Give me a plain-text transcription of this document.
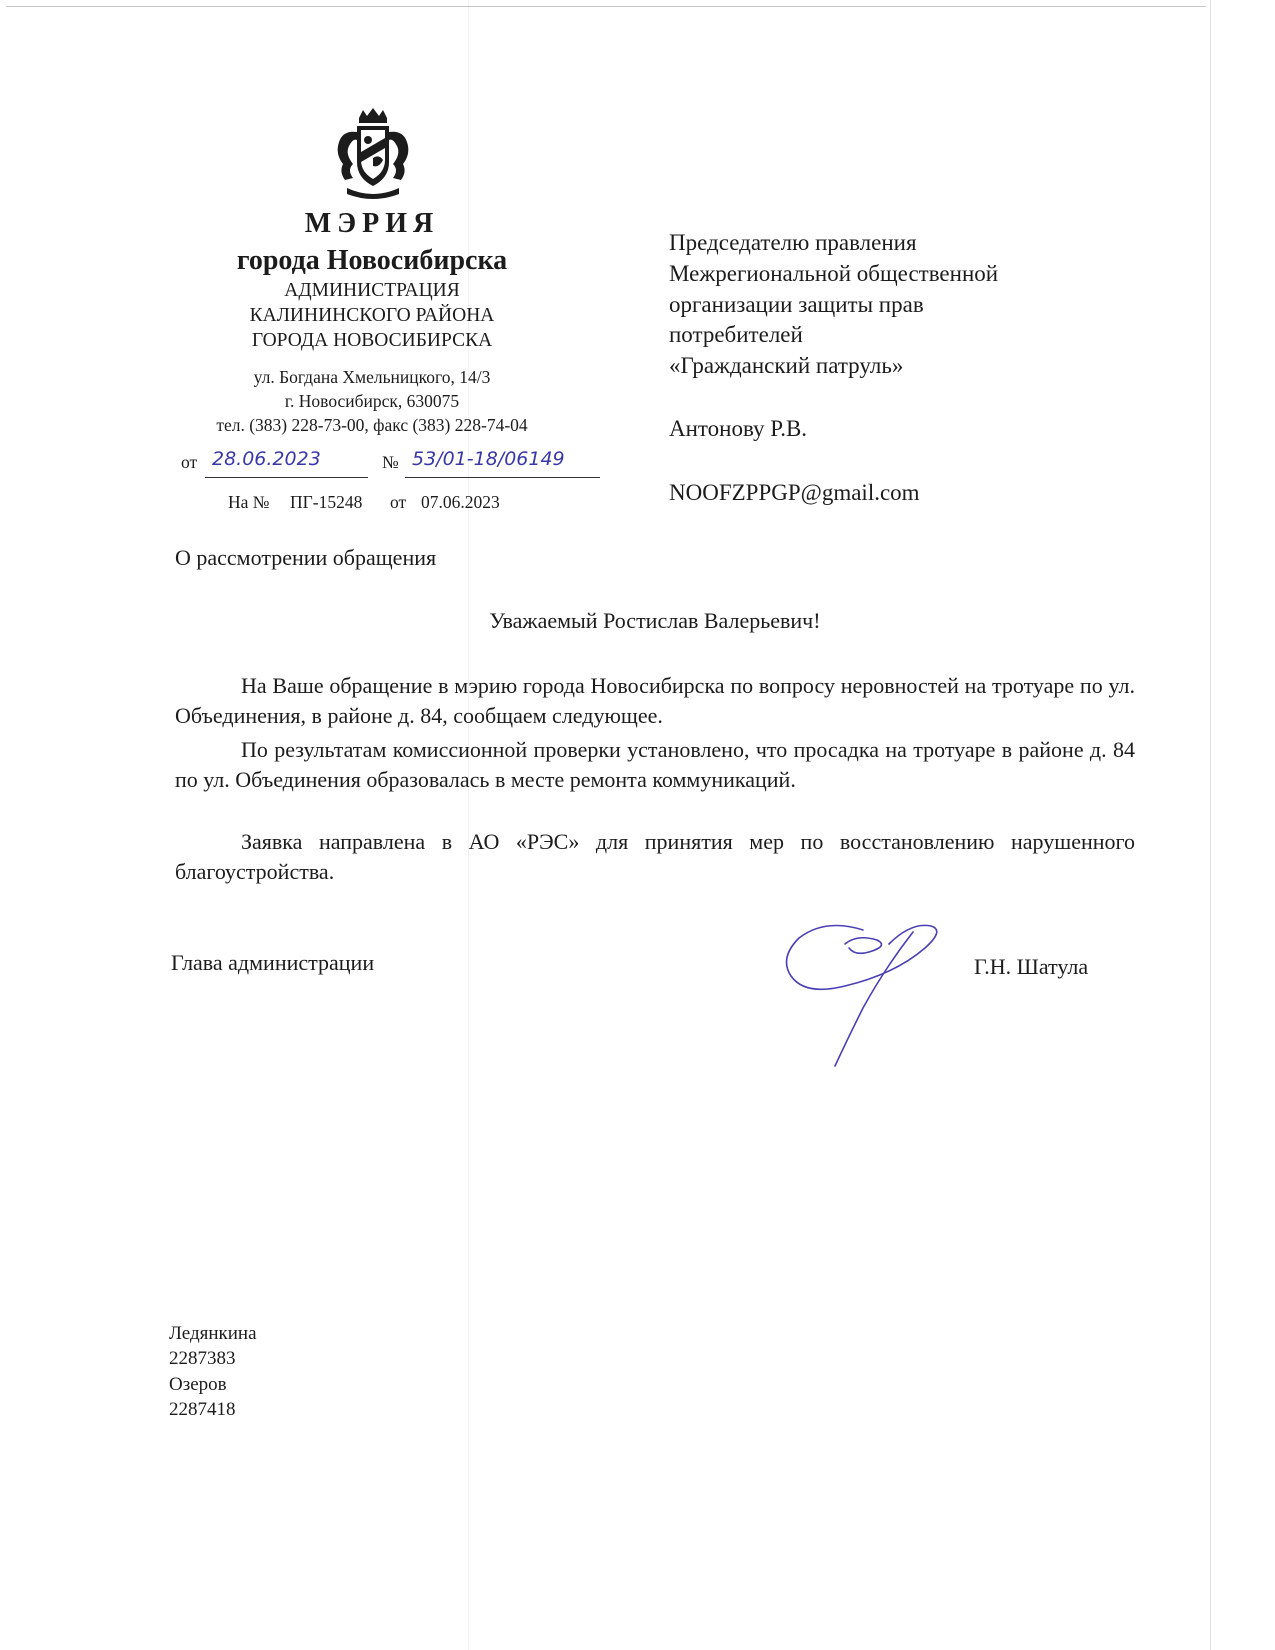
МЭРИЯ
города Новосибирска
АДМИНИСТРАЦИЯ
КАЛИНИНСКОГО РАЙОНА
ГОРОДА НОВОСИБИРСКА
ул. Богдана Хмельницкого, 14/3
г. Новосибирск, 630075
тел. (383) 228-73-00, факс (383) 228-74-04
от 28.06.2023	№ 53/01-18/06149
На № ПГ-15248 от 07.06.2023
Председателю правления
Межрегиональной общественной
организации защиты прав
потребителей
«Гражданский патруль»
Антонову Р.В.
NOOFZPPGP@gmail.com
О рассмотрении обращения
Уважаемый Ростислав Валерьевич!
На Ваше обращение в мэрию города Новосибирска по вопросу неровностей на тротуаре по ул. Объединения, в районе д. 84, сообщаем следующее.
По результатам комиссионной проверки установлено, что просадка на тротуаре в районе д. 84 по ул. Объединения образовалась в месте ремонта коммуникаций.
Заявка направлена в АО «РЭС» для принятия мер по восстановлению нарушенного благоустройства.
Глава администрации	Г.Н. Шатула
Ледянкина
2287383
Озеров
2287418
